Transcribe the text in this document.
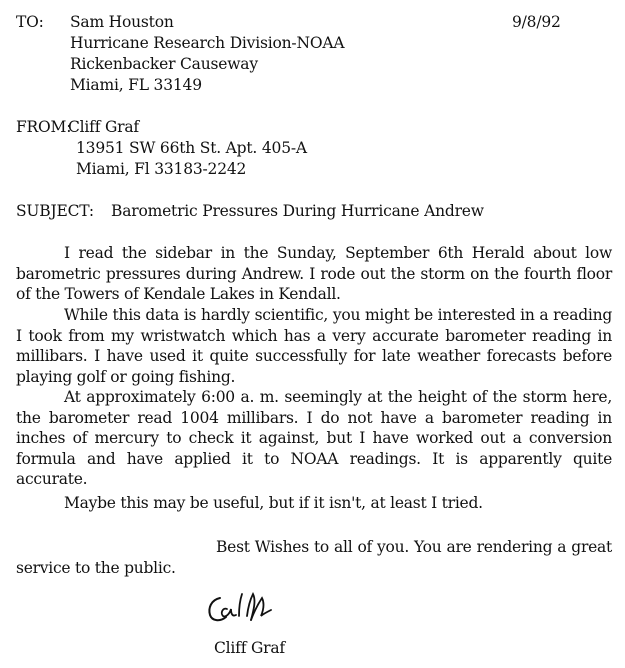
TO: Sam Houston
Hurricane Research Division-NOAA
Rickenbacker Causeway
Miami, FL 33149
9/8/92
FROM:
Cliff Graf
13951 SW 66th St. Apt. 405-A
Miami, Fl 33183-2242
SUBJECT: Barometric Pressures During Hurricane Andrew
I read the sidebar in the Sunday, September 6th Herald about low barometric pressures during Andrew. I rode out the storm on the fourth floor of the Towers of Kendale Lakes in Kendall.
While this data is hardly scientific, you might be interested in a reading I took from my wristwatch which has a very accurate barometer reading in millibars. I have used it quite successfully for late weather forecasts before playing golf or going fishing.
At approximately 6:00 a. m. seemingly at the height of the storm here, the barometer read 1004 millibars. I do not have a barometer reading in inches of mercury to check it against, but I have worked out a conversion formula and have applied it to NOAA readings. It is apparently quite accurate.
Maybe this may be useful, but if it isn't, at least I tried.
Best Wishes to all of you. You are rendering a great service to the public.
Cliff Graf
